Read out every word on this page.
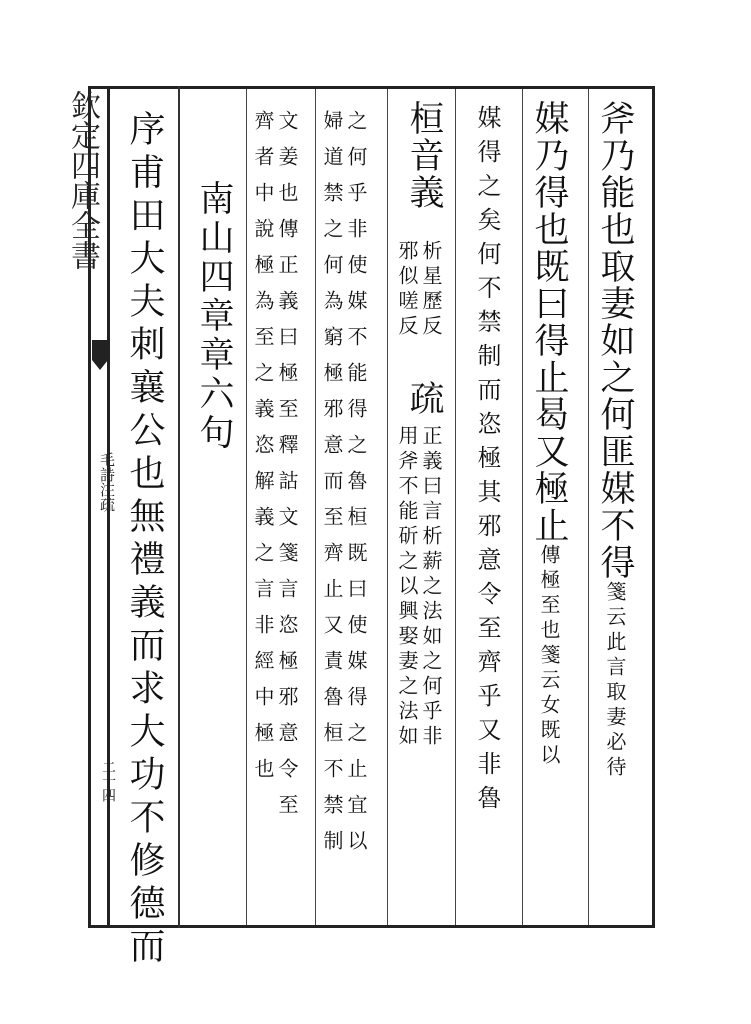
欽定四庫全書
毛詩注疏
二十四
斧乃能也取妻如之何匪媒不得箋云此言取妻必待
媒乃得也既曰得止曷又極止傳極至也箋云女既以
媒得之矣何不禁制而恣極其邪意令至齊乎又非魯
桓音義
析星歷反
邪似嗟反
疏
正義曰言析薪之法如之何乎非
用斧不能斫之以興娶妻之法如
之何乎非使媒不能得之魯桓既曰使媒得之止宜以
婦道禁之何為窮極邪意而至齊止又責魯桓不禁制
文姜也傳正義曰極至釋詁文箋言恣極邪意令至
齊者中說極為至之義恣解義之言非經中極也
南山四章章六句
序甫田大夫刺襄公也無禮義而求大功不修德而
